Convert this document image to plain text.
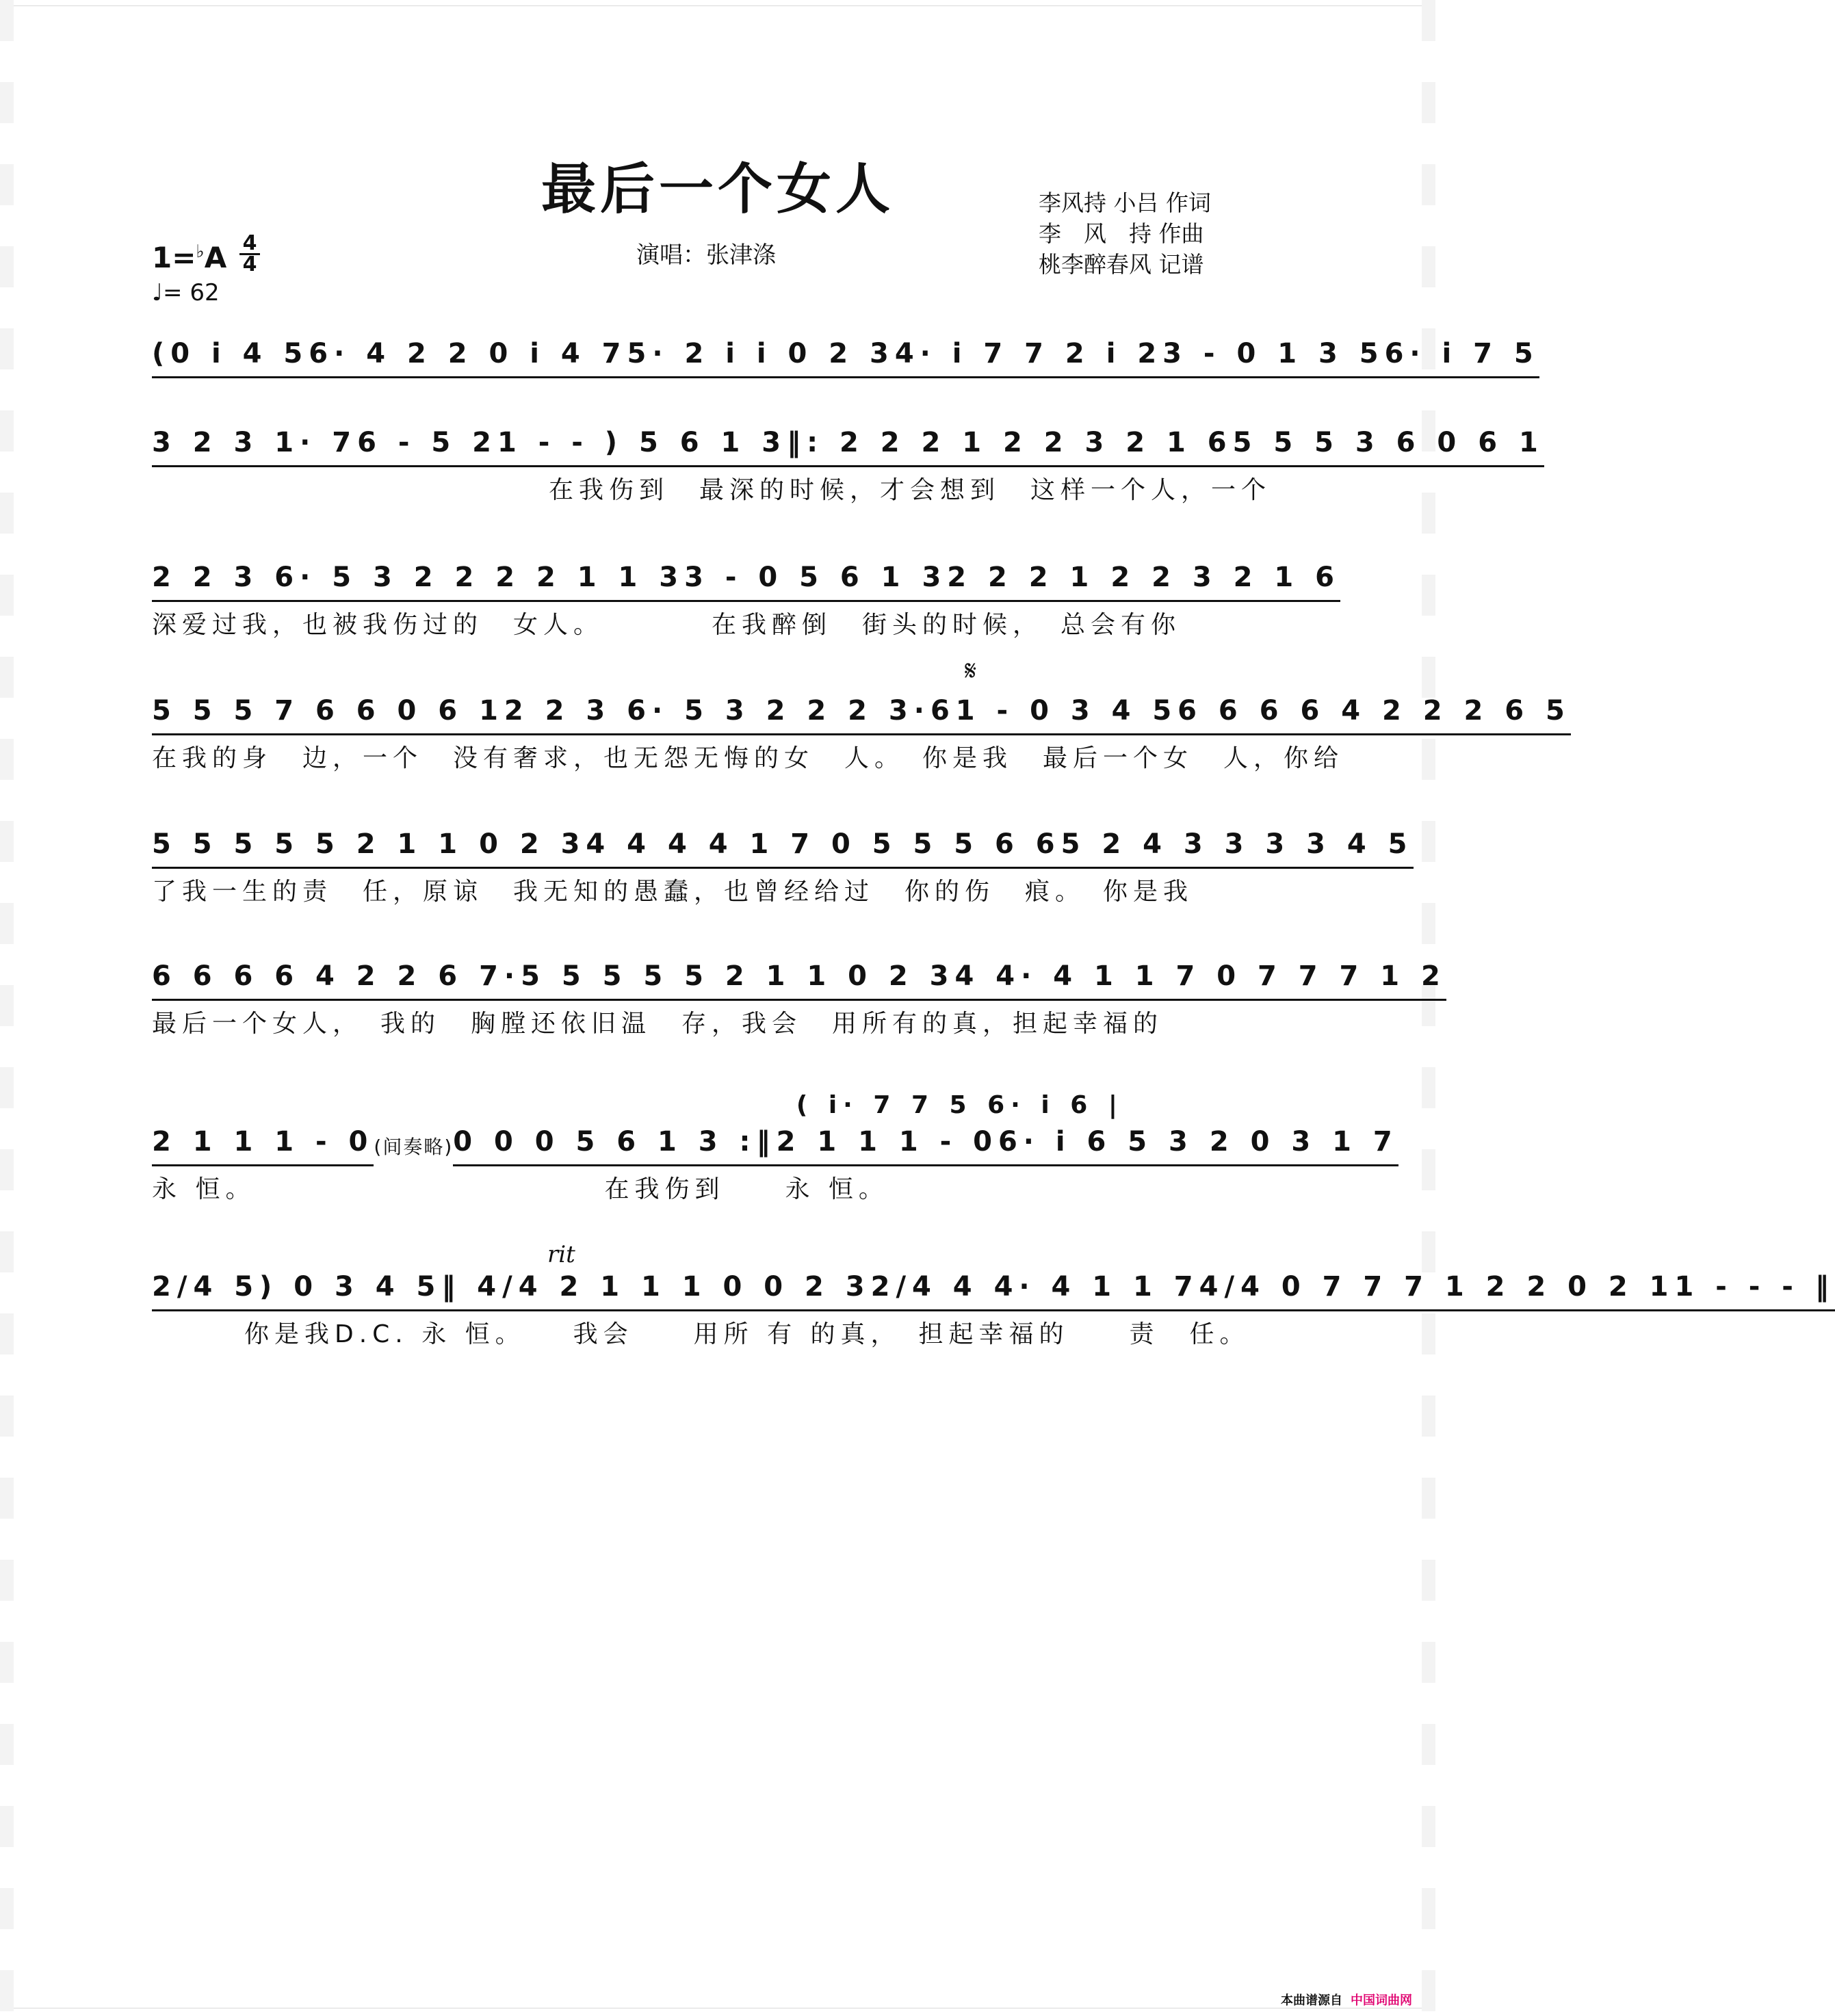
最后一个女人
演唱：张津涤
李风持 小吕 作词
李　风　持 作曲
桃李醉春风 记谱
1=♭A 4
4
♩= 62
(0 i 4 5 6· 4 2 2 0 i 4 7 5· 2 i i 0 2 3 4· i 7 7 2 i 2 3 - 0 1 3 5 6· i 7 5
3 2 3 1· 7 6 - 5 2 1 - - ) 5 6 1 3 ‖: 2 2 2 1 2 2 3 2 1 6 5 5 5 3 6 0 6 1
在我伤到　最深的时候，才会想到　这样一个人，一个
2 2 3 6· 5 3 2 2 2 2 1 1 3 3 - 0 5 6 1 3 2 2 2 1 2 2 3 2 1 6
深爱过我，也被我伤过的　女人。　　　　在我醉倒　街头的时候，　总会有你
𝄋
5 5 5 7 6 6 0 6 1 2 2 3 6· 5 3 2 2 2 3·6 1 - 0 3 4 5 6 6 6 6 4 2 2 2 6 5
在我的身　边，一个　没有奢求，也无怨无悔的女　人。　你是我　最后一个女　人，你给
5 5 5 5 5 2 1 1 0 2 3 4 4 4 4 1 7 0 5 5 5 6 6 5 2 4 3 3 3 3 4 5
了我一生的责　任，原谅　我无知的愚蠢，也曾经给过　你的伤　痕。　你是我
6 6 6 6 4 2 2 6 7· 5 5 5 5 5 2 1 1 0 2 3 4 4· 4 1 1 7 0 7 7 7 1 2
最后一个女人，　我的　胸膛还依旧温　存，我会　用所有的真，担起幸福的
( i· 7 7 5 6· i 6 |
2 1 1 1 - 0 (间奏略) 0 0 0 5 6 1 3 :‖ 2 1 1 1 - 0 6· i 6 5 3 2 0 3 1 7
永 恒。　　　　　　　　　　　　在我伤到　　永 恒。
rit
2/4 5) 0 3 4 5 ‖ 4/4 2 1 1 1 0 0 2 3 2/4 4 4· 4 1 1 7 4/4 0 7 7 7 1 2 2 0 2 1 1 - - - ‖
你是我D.C. 永 恒。　　我会　　用所 有 的真，　担起幸福的　　责　任。
本曲谱源自 中国词曲网
